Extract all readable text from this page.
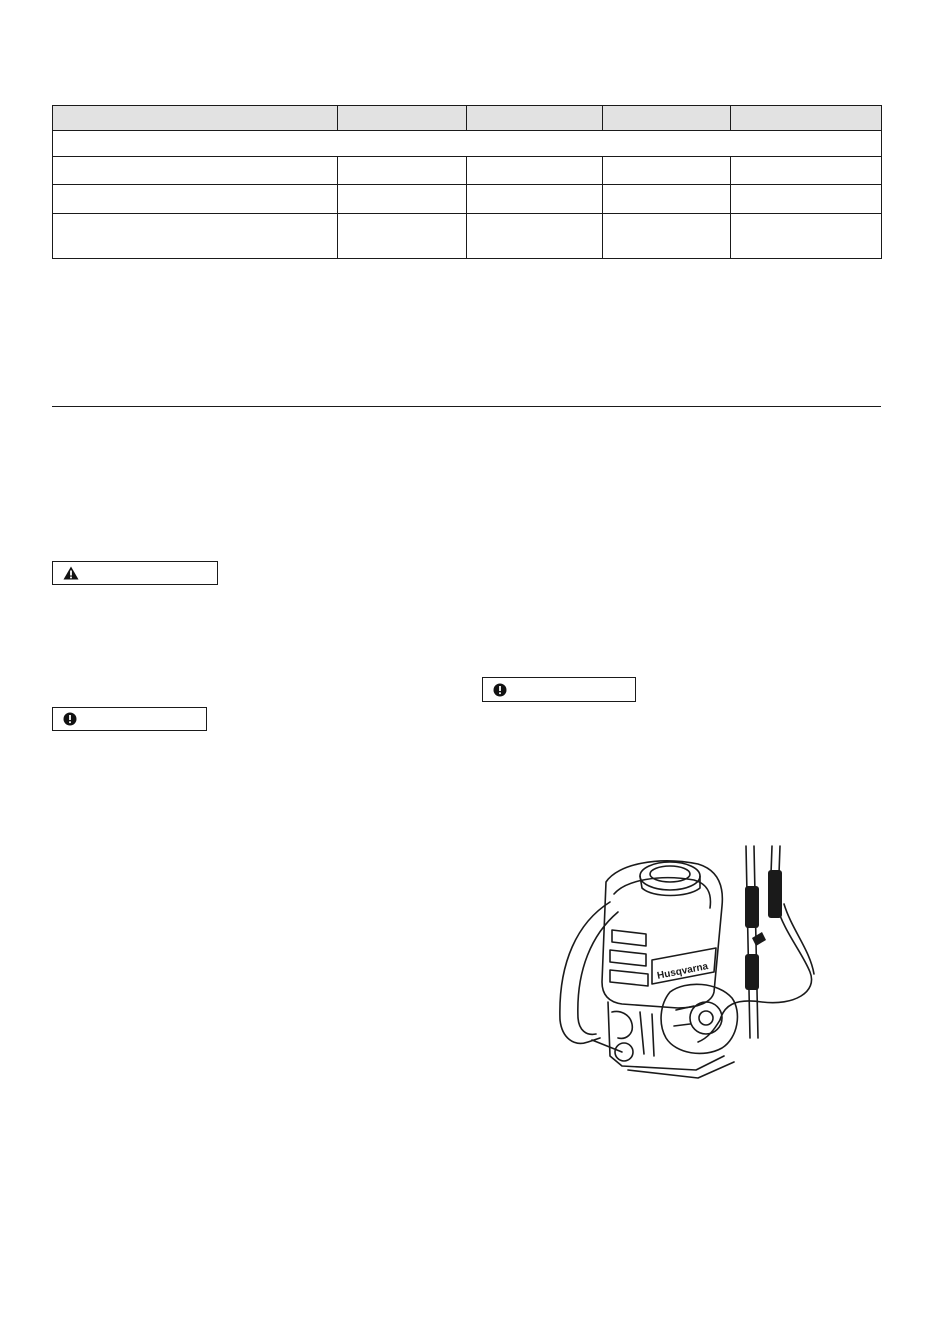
Husqvarna
